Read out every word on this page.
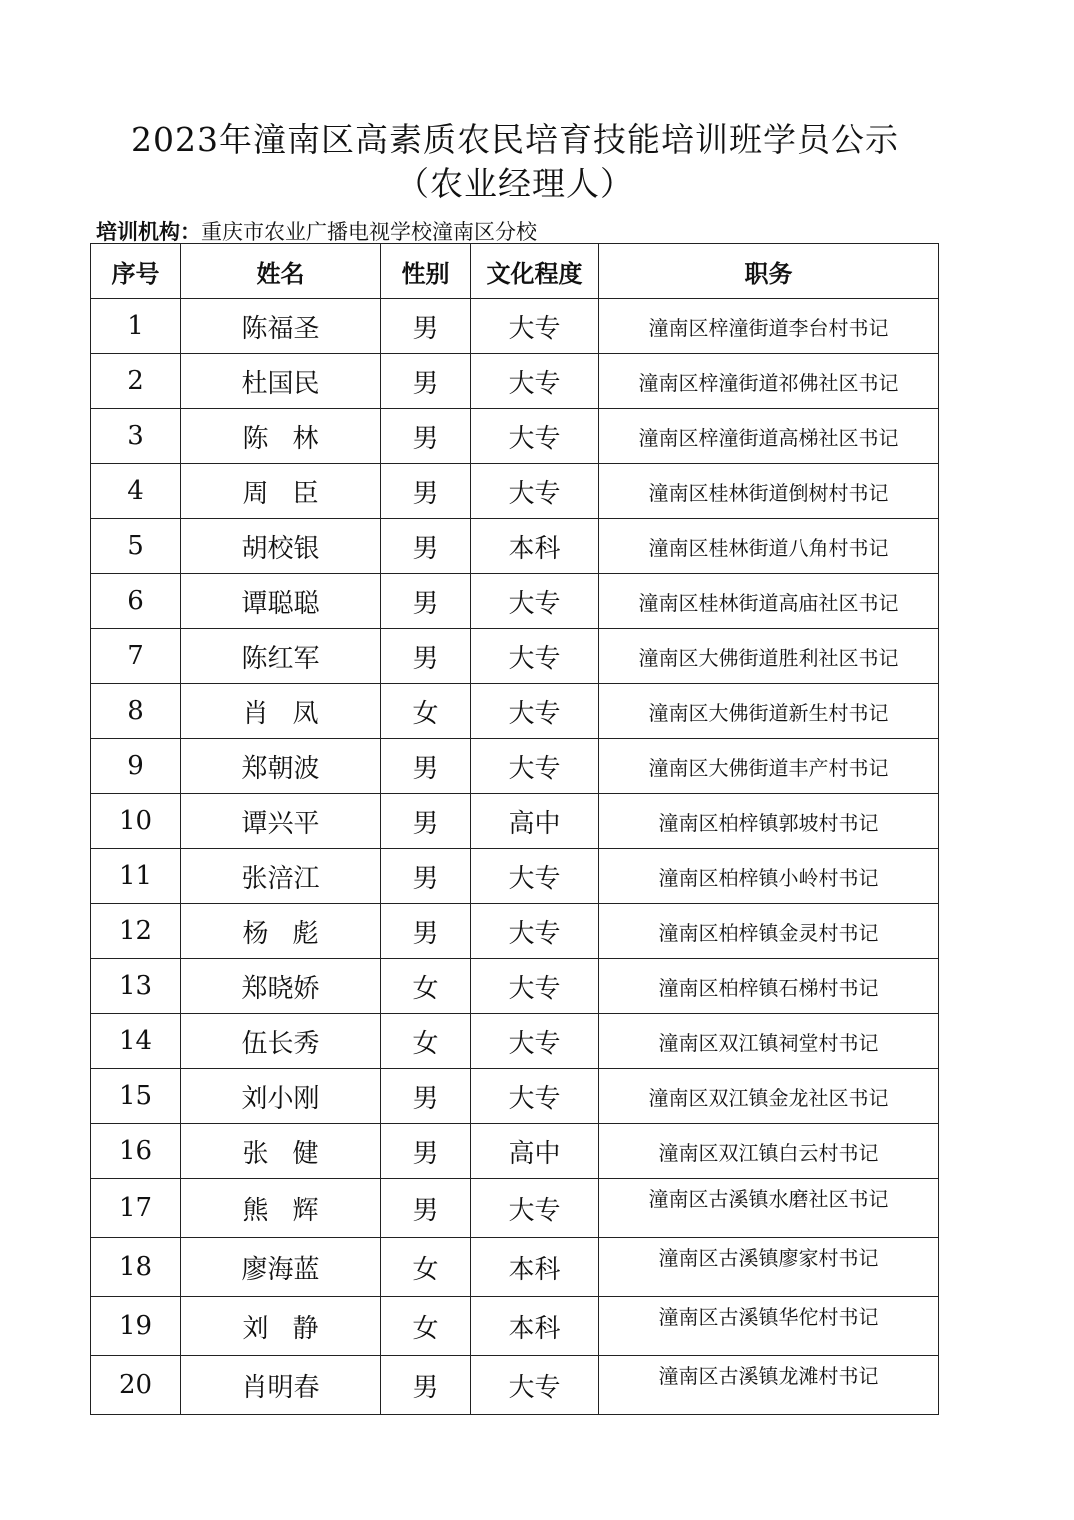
2023年潼南区高素质农民培育技能培训班学员公示
（农业经理人）
培训机构：重庆市农业广播电视学校潼南区分校
序号	姓名	性别	文化程度	职务
1	陈福圣	男	大专	潼南区梓潼街道李台村书记
2	杜国民	男	大专	潼南区梓潼街道祁佛社区书记
3	陈林	男	大专	潼南区梓潼街道高梯社区书记
4	周臣	男	大专	潼南区桂林街道倒树村书记
5	胡校银	男	本科	潼南区桂林街道八角村书记
6	谭聪聪	男	大专	潼南区桂林街道高庙社区书记
7	陈红军	男	大专	潼南区大佛街道胜利社区书记
8	肖凤	女	大专	潼南区大佛街道新生村书记
9	郑朝波	男	大专	潼南区大佛街道丰产村书记
10	谭兴平	男	高中	潼南区柏梓镇郭坡村书记
11	张涪江	男	大专	潼南区柏梓镇小岭村书记
12	杨彪	男	大专	潼南区柏梓镇金灵村书记
13	郑晓娇	女	大专	潼南区柏梓镇石梯村书记
14	伍长秀	女	大专	潼南区双江镇祠堂村书记
15	刘小刚	男	大专	潼南区双江镇金龙社区书记
16	张健	男	高中	潼南区双江镇白云村书记
17	熊辉	男	大专	潼南区古溪镇水磨社区书记
18	廖海蓝	女	本科	潼南区古溪镇廖家村书记
19	刘静	女	本科	潼南区古溪镇华佗村书记
20	肖明春	男	大专	潼南区古溪镇龙滩村书记
